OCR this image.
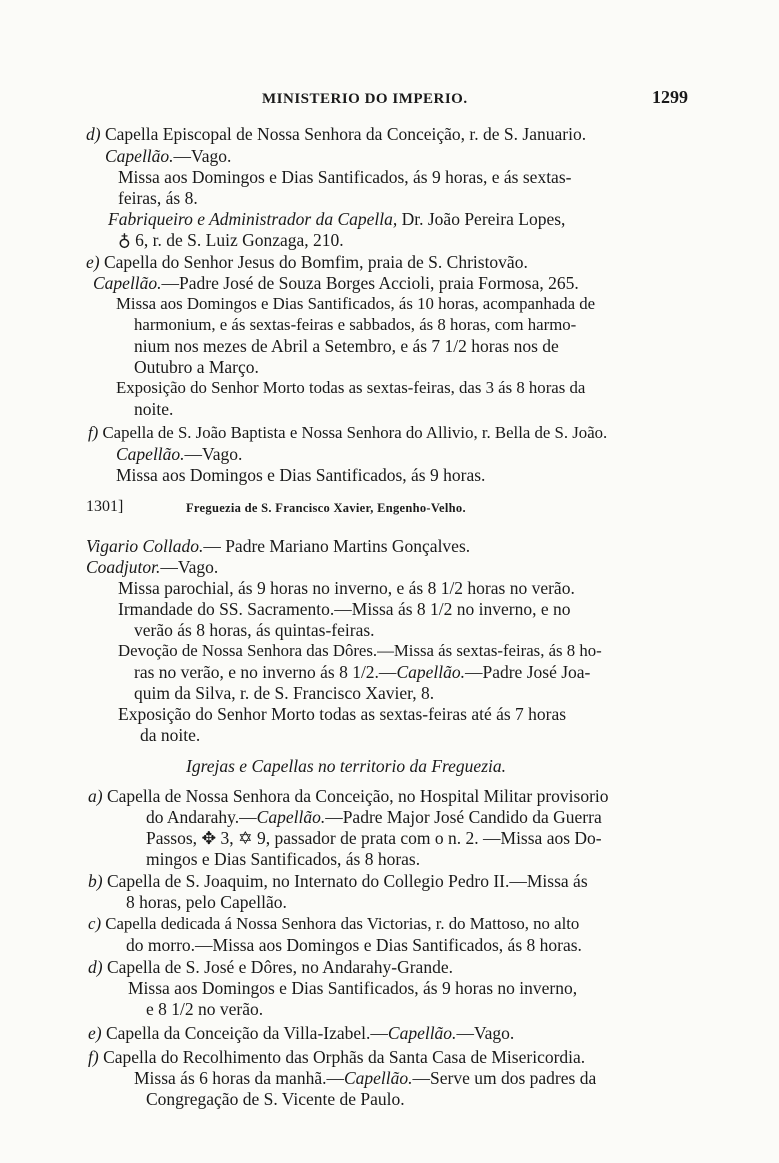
MINISTERIO DO IMPERIO.	1299
d) Capella Episcopal de Nossa Senhora da Conceição, r. de S. Januario.
Capellão.—Vago.
Missa aos Domingos e Dias Santificados, ás 9 horas, e ás sextas-
feiras, ás 8.
Fabriqueiro e Administrador da Capella, Dr. João Pereira Lopes,
♁ 6, r. de S. Luiz Gonzaga, 210.
e) Capella do Senhor Jesus do Bomfim, praia de S. Christovão.
Capellão.—Padre José de Souza Borges Accioli, praia Formosa, 265.
Missa aos Domingos e Dias Santificados, ás 10 horas, acompanhada de
harmonium, e ás sextas-feiras e sabbados, ás 8 horas, com harmo-
nium nos mezes de Abril a Setembro, e ás 7 1/2 horas nos de
Outubro a Março.
Exposição do Senhor Morto todas as sextas-feiras, das 3 ás 8 horas da
noite.
f) Capella de S. João Baptista e Nossa Senhora do Allivio, r. Bella de S. João.
Capellão.—Vago.
Missa aos Domingos e Dias Santificados, ás 9 horas.
1301]	Freguezia de S. Francisco Xavier, Engenho-Velho.
Vigario Collado.— Padre Mariano Martins Gonçalves.
Coadjutor.—Vago.
Missa parochial, ás 9 horas no inverno, e ás 8 1/2 horas no verão.
Irmandade do SS. Sacramento.—Missa ás 8 1/2 no inverno, e no
verão ás 8 horas, ás quintas-feiras.
Devoção de Nossa Senhora das Dôres.—Missa ás sextas-feiras, ás 8 ho-
ras no verão, e no inverno ás 8 1/2.—Capellão.—Padre José Joa-
quim da Silva, r. de S. Francisco Xavier, 8.
Exposição do Senhor Morto todas as sextas-feiras até ás 7 horas
da noite.
Igrejas e Capellas no territorio da Freguezia.
a) Capella de Nossa Senhora da Conceição, no Hospital Militar provisorio
do Andarahy.—Capellão.—Padre Major José Candido da Guerra
Passos, ✥ 3, ✡ 9, passador de prata com o n. 2. —Missa aos Do-
mingos e Dias Santificados, ás 8 horas.
b) Capella de S. Joaquim, no Internato do Collegio Pedro II.—Missa ás
8 horas, pelo Capellão.
c) Capella dedicada á Nossa Senhora das Victorias, r. do Mattoso, no alto
do morro.—Missa aos Domingos e Dias Santificados, ás 8 horas.
d) Capella de S. José e Dôres, no Andarahy-Grande.
Missa aos Domingos e Dias Santificados, ás 9 horas no inverno,
e 8 1/2 no verão.
e) Capella da Conceição da Villa-Izabel.—Capellão.—Vago.
f) Capella do Recolhimento das Orphãs da Santa Casa de Misericordia.
Missa ás 6 horas da manhã.—Capellão.—Serve um dos padres da
Congregação de S. Vicente de Paulo.
